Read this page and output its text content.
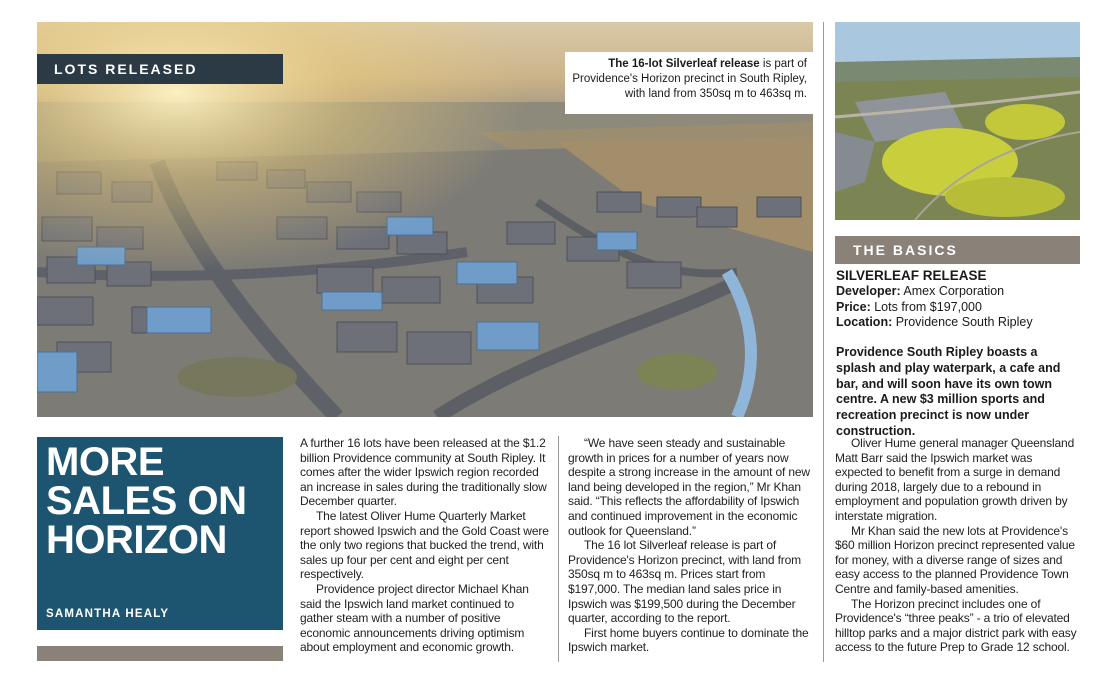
LOTS RELEASED	The 16-lot Silverleaf release is part of Providence's Horizon precinct in South Ripley, with land from 350sq m to 463sq m.
MORE
SALES ON
HORIZON
SAMANTHA HEALY

A further 16 lots have been released at the $1.2 billion Providence community at South Ripley. It comes after the wider Ipswich region recorded an increase in sales during the traditionally slow December quarter.

The latest Oliver Hume Quarterly Market report showed Ipswich and the Gold Coast were the only two regions that bucked the trend, with sales up four per cent and eight per cent respectively.

Providence project director Michael Khan said the Ipswich land market continued to gather steam with a number of positive economic announcements driving optimism about employment and economic growth.

“We have seen steady and sustainable growth in prices for a number of years now despite a strong increase in the amount of new land being developed in the region,” Mr Khan said. “This reflects the affordability of Ipswich and continued improvement in the economic outlook for Queensland.”

The 16 lot Silverleaf release is part of Providence's Horizon precinct, with land from 350sq m to 463sq m. Prices start from $197,000. The median land sales price in Ipswich was $199,500 during the December quarter, according to the report.

First home buyers continue to dominate the Ipswich market.

Oliver Hume general manager Queensland Matt Barr said the Ipswich market was expected to benefit from a surge in demand during 2018, largely due to a rebound in employment and population growth driven by interstate migration.

Mr Khan said the new lots at Providence's $60 million Horizon precinct represented value for money, with a diverse range of sizes and easy access to the planned Providence Town Centre and family-based amenities.

The Horizon precinct includes one of Providence's “three peaks” - a trio of elevated hilltop parks and a major district park with easy access to the future Prep to Grade 12 school.

THE BASICS
SILVERLEAF RELEASE
Developer: Amex Corporation
Price: Lots from $197,000
Location: Providence South Ripley
Providence South Ripley boasts a splash and play waterpark, a cafe and bar, and will soon have its own town centre. A new $3 million sports and recreation precinct is now under construction.
